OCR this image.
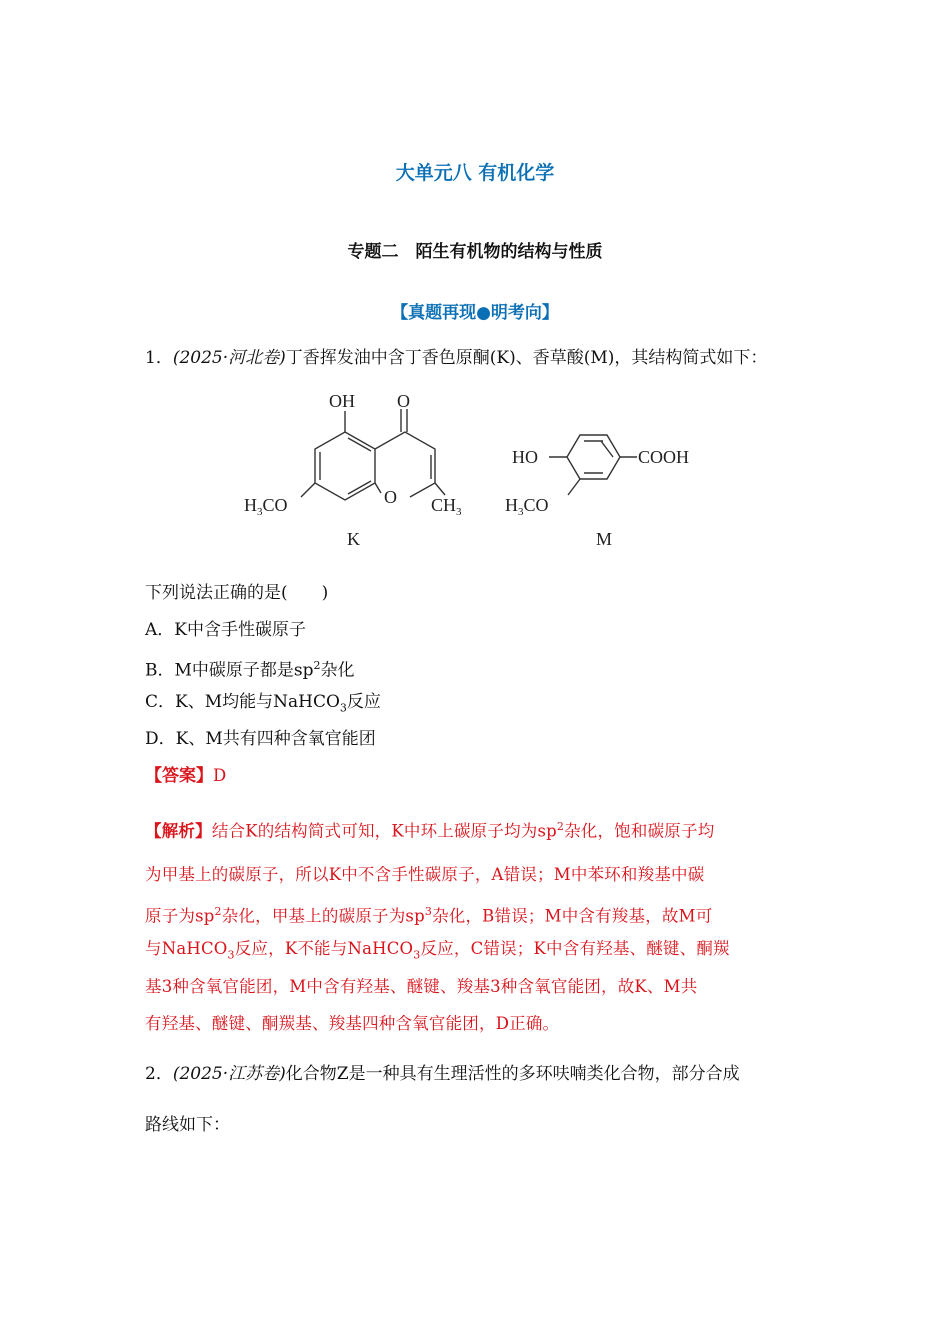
大单元八 有机化学
专题二　陌生有机物的结构与性质
【真题再现●明考向】
1．(2025·河北卷)丁香挥发油中含丁香色原酮(K)、香草酸(M)，其结构简式如下：
OH O
O
$H_3CO$	$CH_3$
K
HO	COOH
$H_3CO$
M
下列说法正确的是(　　)
A．K中含手性碳原子
B．M中碳原子都是$sp^2$杂化
C．K、M均能与NaHCO$_3$反应
D．K、M共有四种含氧官能团
【答案】D
【解析】结合K的结构简式可知，K中环上碳原子均为$sp^2$杂化，饱和碳原子均
为甲基上的碳原子，所以K中不含手性碳原子，A错误；M中苯环和羧基中碳
原子为$sp^2$杂化，甲基上的碳原子为$sp^3$杂化，B错误；M中含有羧基，故M可
与NaHCO$_3$反应，K不能与NaHCO$_3$反应，C错误；K中含有羟基、醚键、酮羰
基3种含氧官能团，M中含有羟基、醚键、羧基3种含氧官能团，故K、M共
有羟基、醚键、酮羰基、羧基四种含氧官能团，D正确。
2．(2025·江苏卷)化合物Z是一种具有生理活性的多环呋喃类化合物，部分合成
路线如下：
